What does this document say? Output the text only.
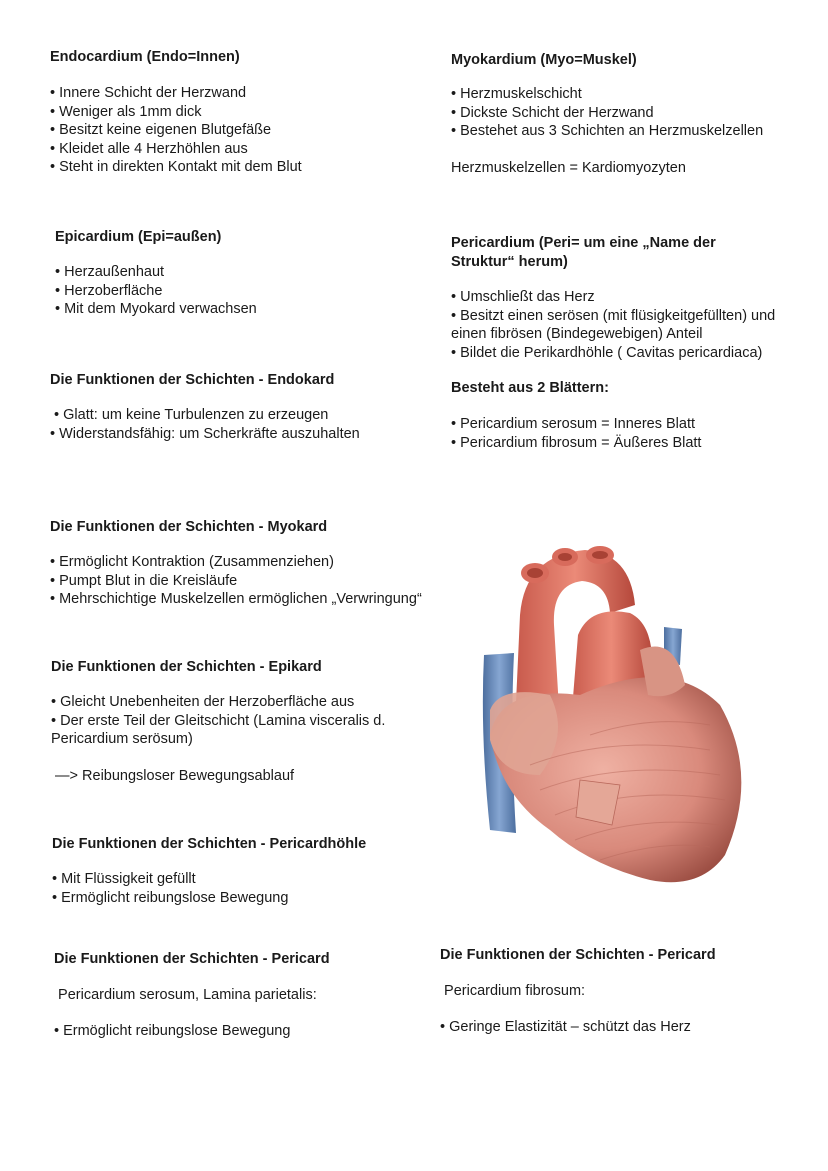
Endocardium (Endo=Innen)

• Innere Schicht der Herzwand

• Weniger als 1mm dick

• Besitzt keine eigenen Blutgefäße

• Kleidet alle 4 Herzhöhlen aus

• Steht in direkten Kontakt mit dem Blut

Myokardium (Myo=Muskel)

• Herzmuskelschicht

• Dickste Schicht der Herzwand

• Bestehet aus 3 Schichten an Herzmuskelzellen

Herzmuskelzellen = Kardiomyozyten

Epicardium (Epi=außen)

• Herzaußenhaut

• Herzoberfläche

• Mit dem Myokard verwachsen

Pericardium (Peri= um eine „Name der

Struktur“ herum)

• Umschließt das Herz

• Besitzt einen serösen (mit flüsigkeitgefüllten) und

einen fibrösen (Bindegewebigen) Anteil

• Bildet die Perikardhöhle ( Cavitas pericardiaca)

Besteht aus 2 Blättern:

• Pericardium serosum = Inneres Blatt

• Pericardium fibrosum = Äußeres Blatt

Die Funktionen der Schichten - Endokard

• Glatt: um keine Turbulenzen zu erzeugen

• Widerstandsfähig: um Scherkräfte auszuhalten

Die Funktionen der Schichten - Myokard

• Ermöglicht Kontraktion (Zusammenziehen)

• Pumpt Blut in die Kreisläufe

• Mehrschichtige Muskelzellen ermöglichen „Verwringung“

Die Funktionen der Schichten - Epikard

• Gleicht Unebenheiten der Herzoberfläche aus

• Der erste Teil der Gleitschicht (Lamina visceralis d.

Pericardium serösum)

—> Reibungsloser Bewegungsablauf

Die Funktionen der Schichten - Pericardhöhle

• Mit Flüssigkeit gefüllt

• Ermöglicht reibungslose Bewegung

Die Funktionen der Schichten - Pericard

Pericardium serosum, Lamina parietalis:

• Ermöglicht reibungslose Bewegung

Die Funktionen der Schichten - Pericard

Pericardium fibrosum:

• Geringe Elastizität – schützt das Herz
